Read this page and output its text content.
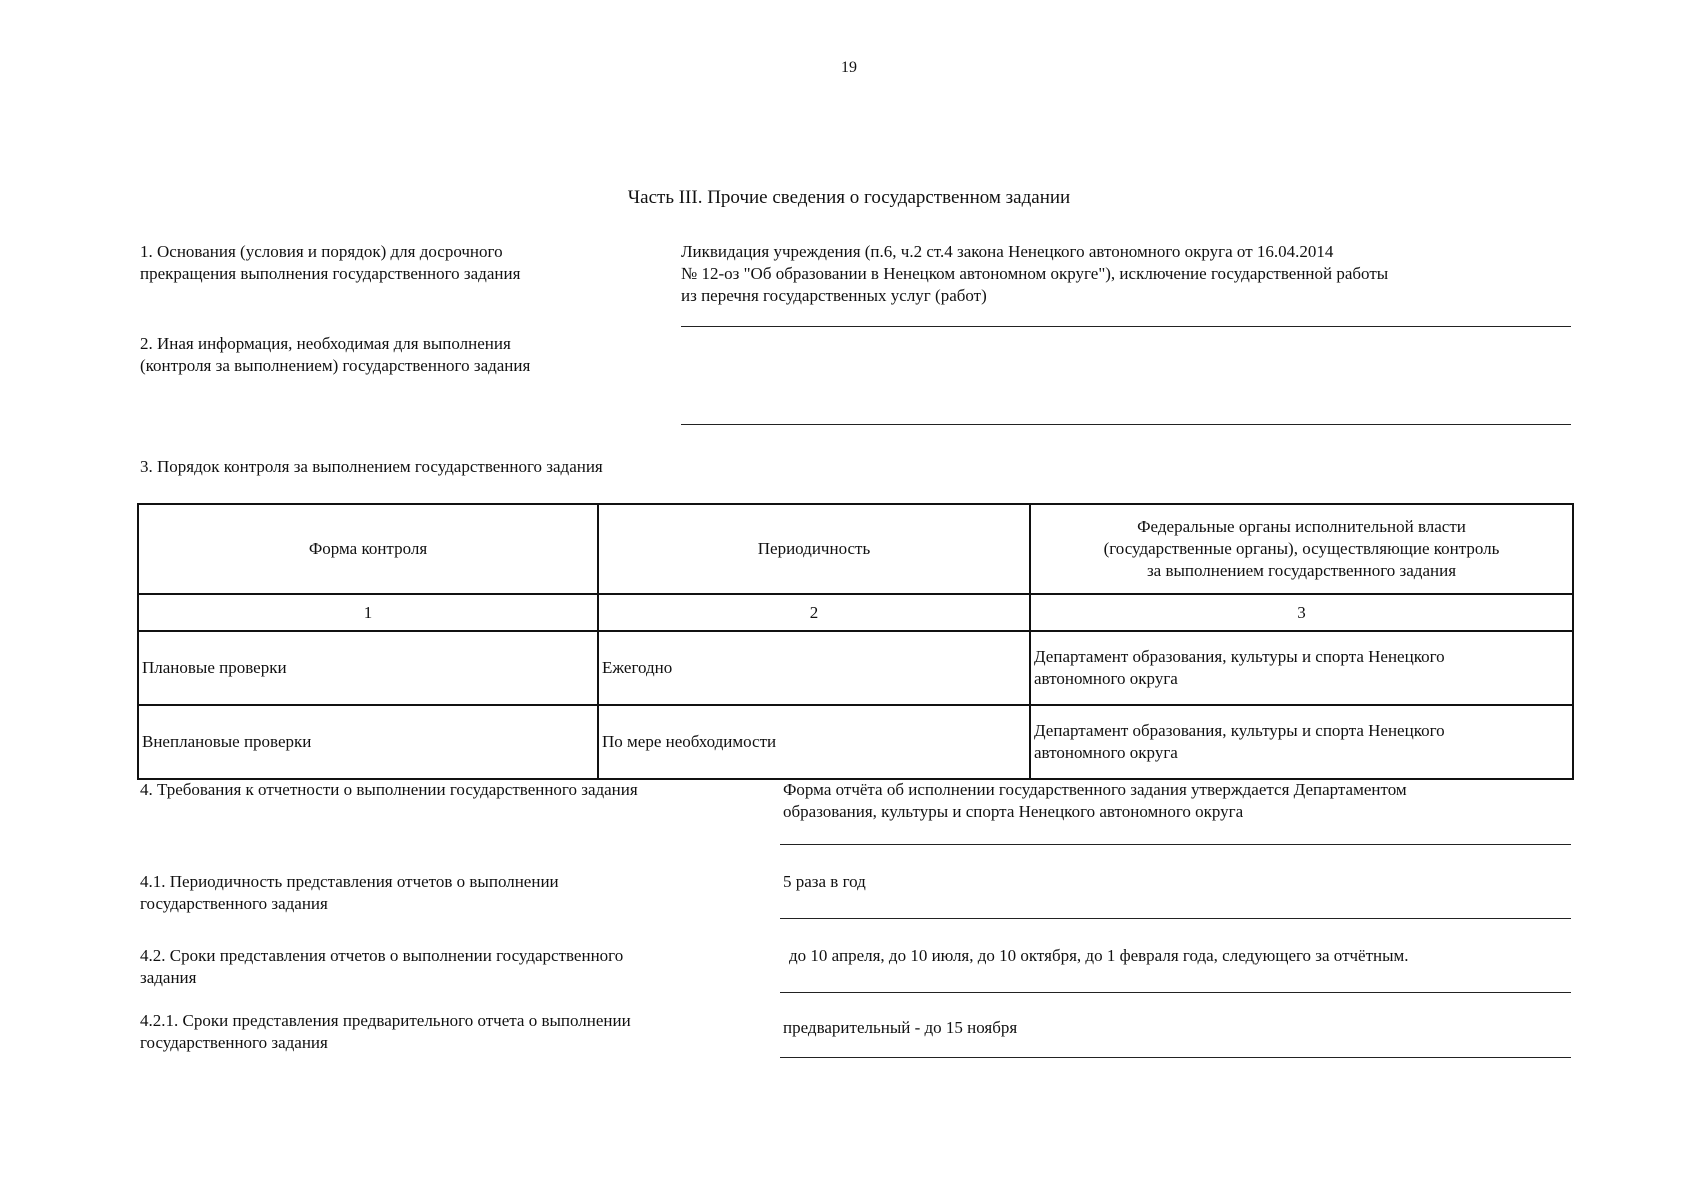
19
Часть III. Прочие сведения о государственном задании
1. Основания (условия и порядок) для досрочного
прекращения выполнения государственного задания
Ликвидация учреждения (п.6, ч.2 ст.4 закона Ненецкого автономного округа от 16.04.2014
№ 12-оз "Об образовании в Ненецком автономном округе"), исключение государственной работы
из перечня государственных услуг (работ)
2. Иная информация, необходимая для выполнения
(контроля за выполнением) государственного задания
3. Порядок контроля за выполнением государственного задания
Форма контроля	Периодичность	Федеральные органы исполнительной власти
(государственные органы), осуществляющие контроль
за выполнением государственного задания
1	2	3
Плановые проверки	Ежегодно	Департамент образования, культуры и спорта Ненецкого
автономного округа
Внеплановые проверки	По мере необходимости	Департамент образования, культуры и спорта Ненецкого
автономного округа
4. Требования к отчетности о выполнении государственного задания	Форма отчёта об исполнении государственного задания утверждается Департаментом
образования, культуры и спорта Ненецкого автономного округа
4.1. Периодичность представления отчетов о выполнении
государственного задания
5 раза в год
4.2. Сроки представления отчетов о выполнении государственного
задания
до 10 апреля, до 10 июля, до 10 октября, до 1 февраля года, следующего за отчётным.
4.2.1. Сроки представления предварительного отчета о выполнении
государственного задания
предварительный - до 15 ноября
